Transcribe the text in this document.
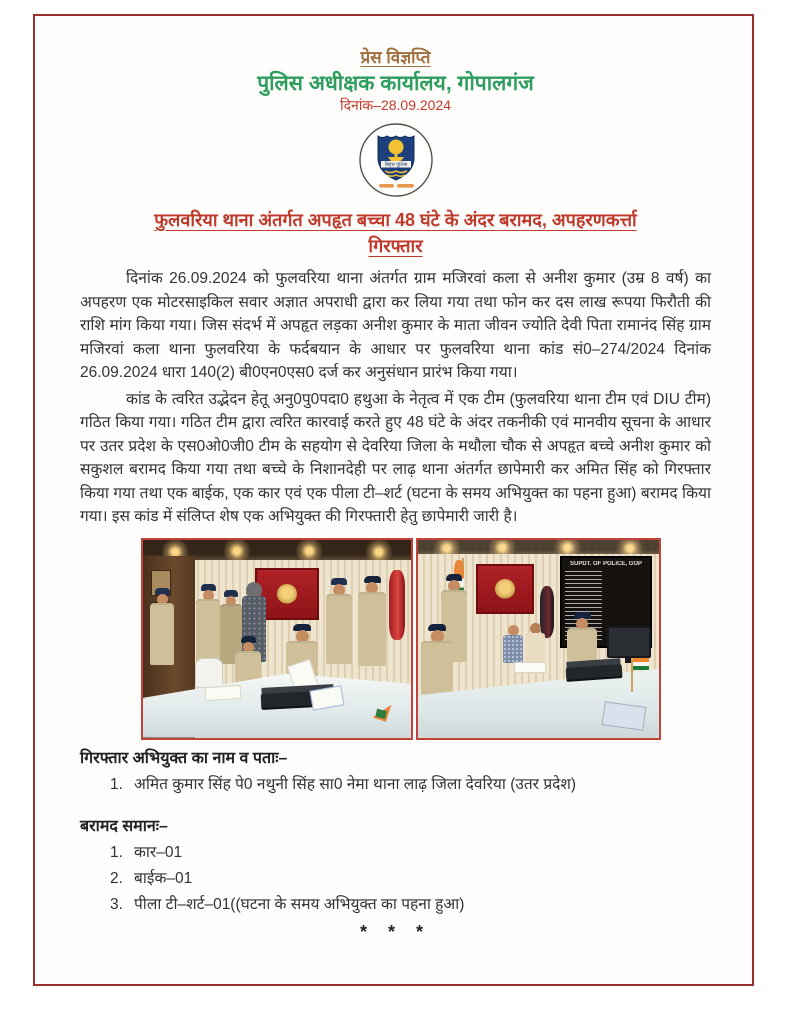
प्रेस विज्ञप्ति
पुलिस अधीक्षक कार्यालय, गोपालगंज
दिनांक–28.09.2024
बिहार पुलिस
फुलवरिया थाना अंतर्गत अपहृत बच्चा 48 घंटे के अंदर बरामद, अपहरणकर्त्ता
गिरफ्तार
दिनांक 26.09.2024 को फुलवरिया थाना अंतर्गत ग्राम मजिरवां कला से अनीश कुमार (उम्र 8 वर्ष) का अपहरण एक मोटरसाइकिल सवार अज्ञात अपराधी द्वारा कर लिया गया तथा फोन कर दस लाख रूपया फिरौती की राशि मांग किया गया। जिस संदर्भ में अपहृत लड़का अनीश कुमार के माता जीवन ज्योति देवी पिता रामानंद सिंह ग्राम मजिरवां कला थाना फुलवरिया के फर्दबयान के आधार पर फुलवरिया थाना कांड सं0–274/2024 दिनांक 26.09.2024 धारा 140(2) बी0एन0एस0 दर्ज कर अनुसंधान प्रारंभ किया गया।
कांड के त्वरित उद्भेदन हेतू अनु0पु0पदा0 हथुआ के नेतृत्व में एक टीम (फुलवरिया थाना टीम एवं DIU टीम) गठित किया गया। गठित टीम द्वारा त्वरित कारवाई करते हुए 48 घंटे के अंदर तकनीकी एवं मानवीय सूचना के आधार पर उतर प्रदेश के एस0ओ0जी0 टीम के सहयोग से देवरिया जिला के मथौला चौक से अपहृत बच्चे अनीश कुमार को सकुशल बरामद किया गया तथा बच्चे के निशानदेही पर लाढ़ थाना अंतर्गत छापेमारी कर अमित सिंह को गिरफ्तार किया गया तथा एक बाईक, एक कार एवं एक पीला टी–शर्ट (घटना के समय अभियुक्त का पहना हुआ) बरामद किया गया। इस कांड में संलिप्त शेष एक अभियुक्त की गिरफ्तारी हेतु छापेमारी जारी है।
SUPDT. OF POLICE, GOP
गिरफ्तार अभियुक्त का नाम व पताः–
1. अमित कुमार सिंह पे0 नथुनी सिंह सा0 नेमा थाना लाढ़ जिला देवरिया (उतर प्रदेश)
बरामद समानः–
1. कार–01
2. बाईक–01
3. पीला टी–शर्ट–01((घटना के समय अभियुक्त का पहना हुआ)
* * *
